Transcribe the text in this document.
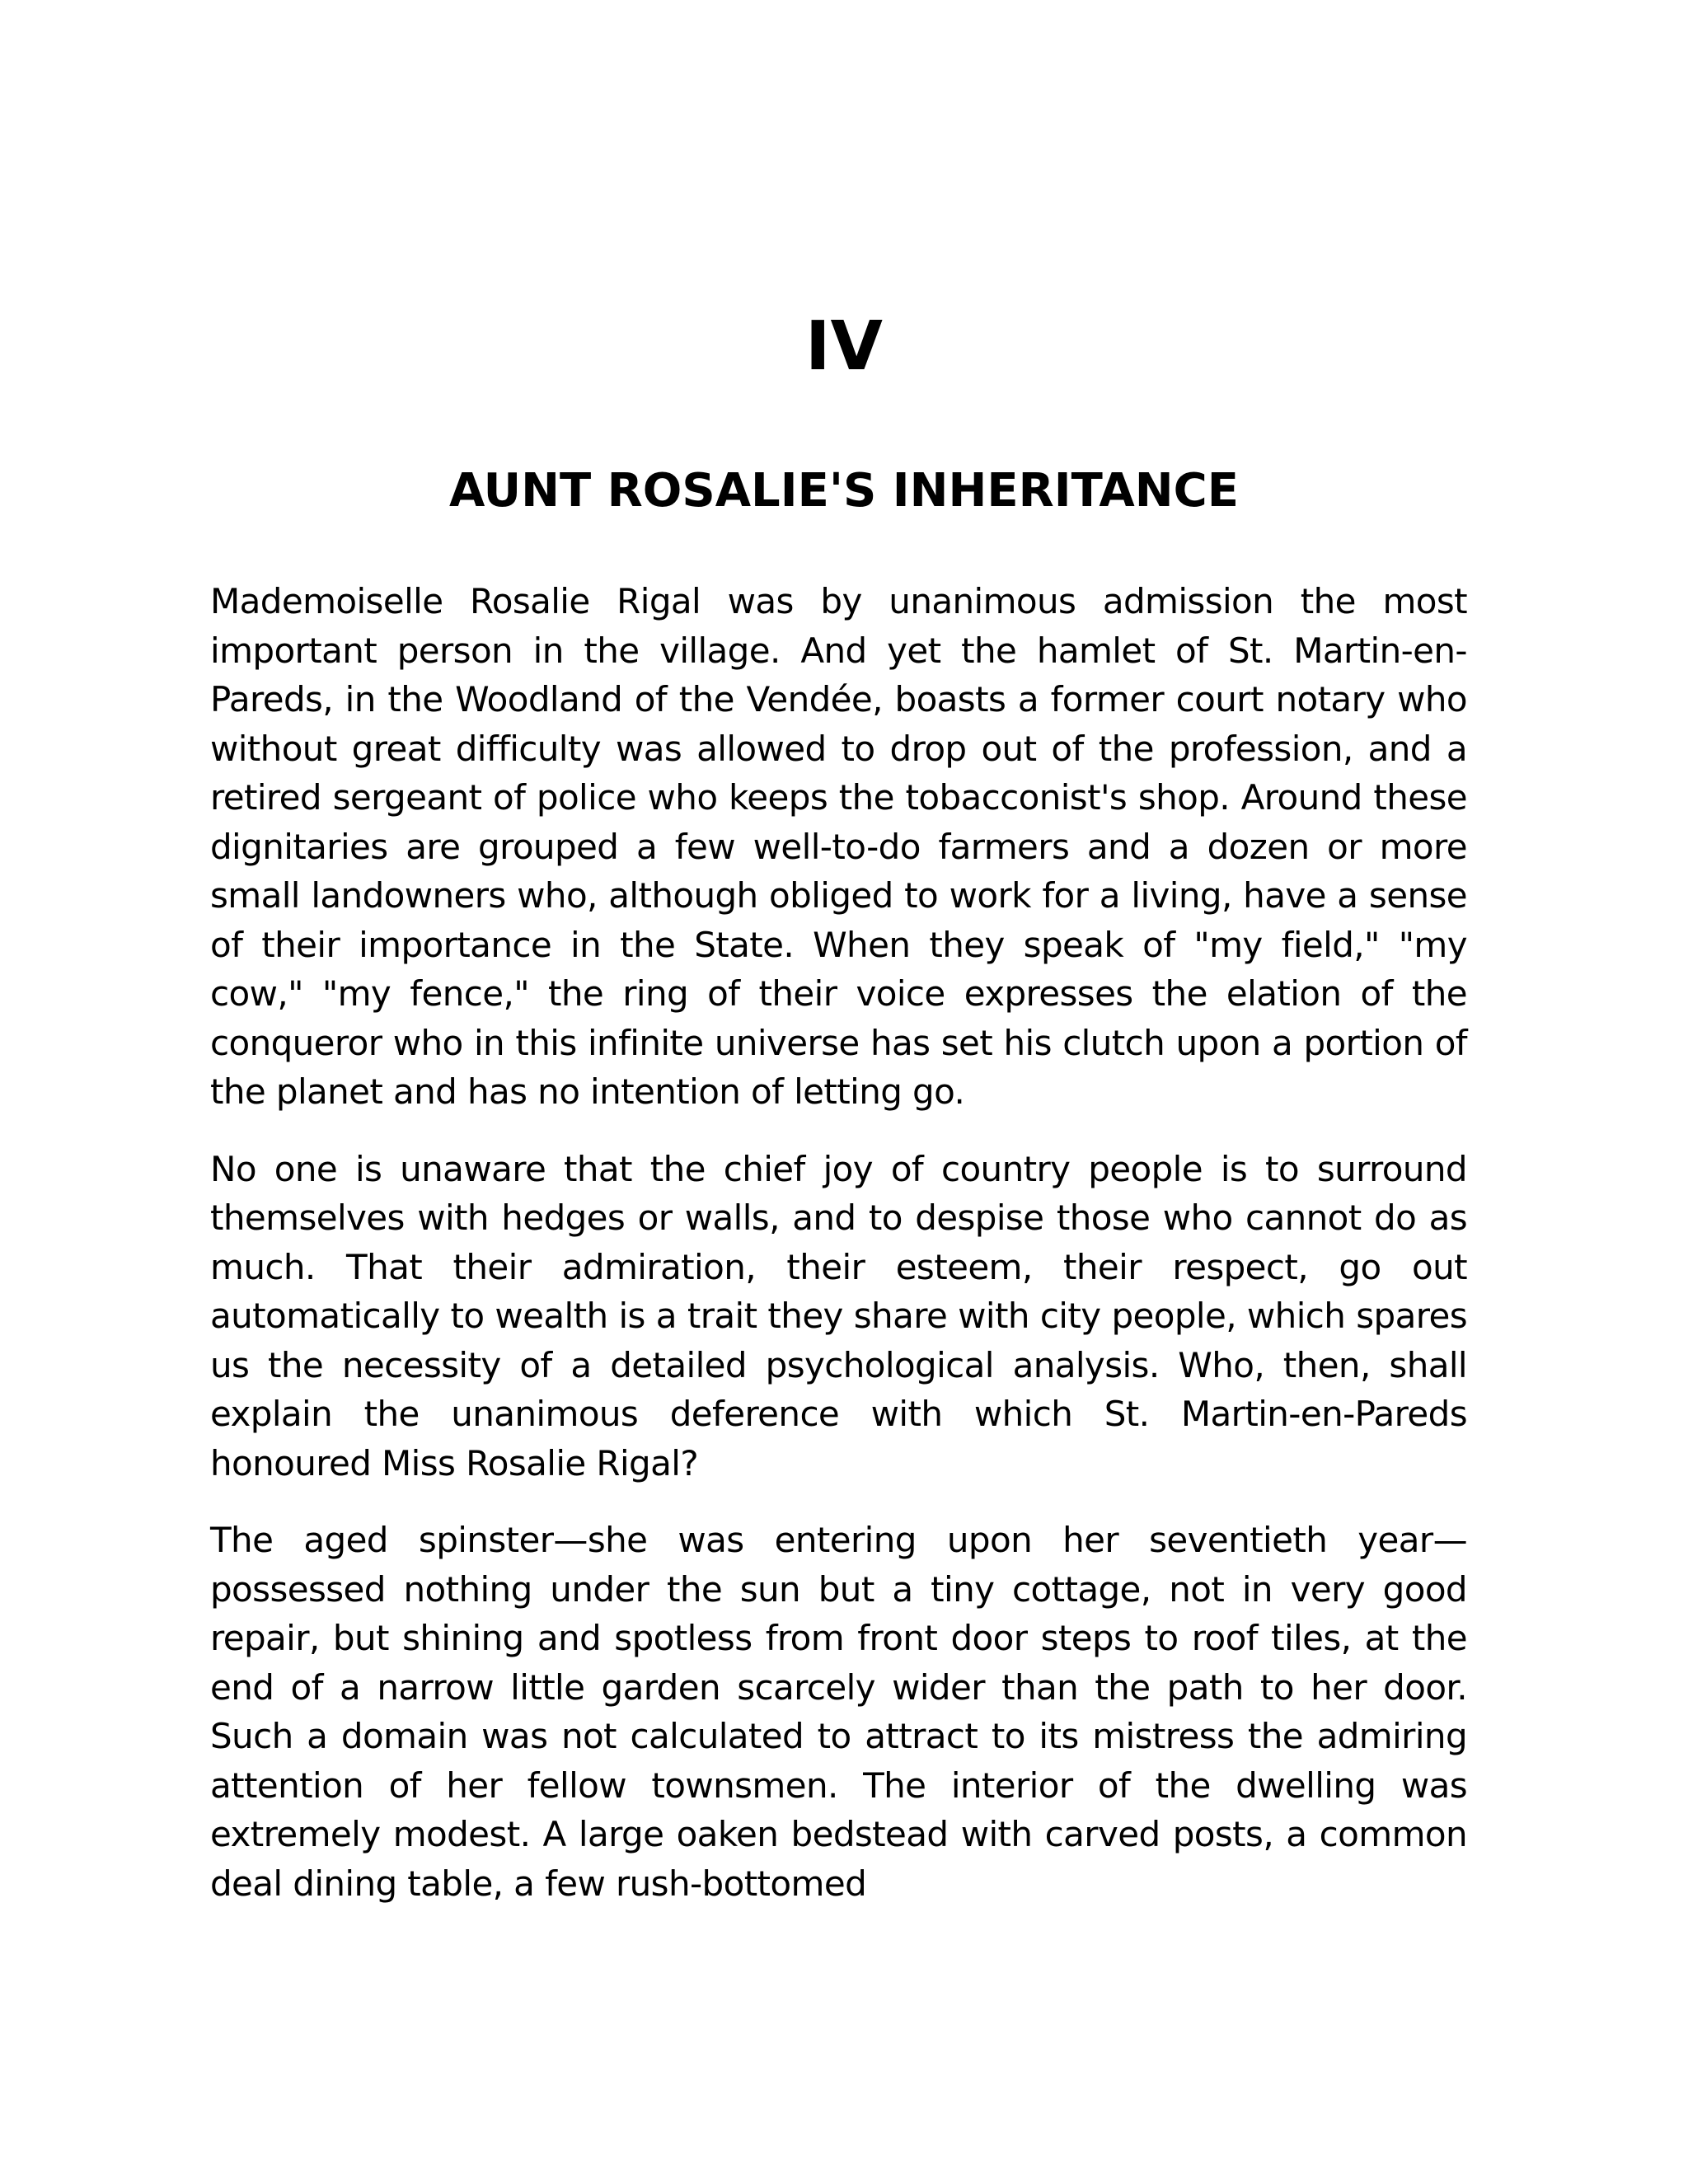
IV
AUNT ROSALIE'S INHERITANCE

Mademoiselle Rosalie Rigal was by unanimous admission the most important person in the village. And yet the hamlet of St. Martin-en-Pareds, in the Woodland of the Vendée, boasts a former court notary who without great difficulty was allowed to drop out of the profession, and a retired sergeant of police who keeps the tobacconist's shop. Around these dignitaries are grouped a few well-to-do farmers and a dozen or more small landowners who, although obliged to work for a living, have a sense of their importance in the State. When they speak of "my field," "my cow," "my fence," the ring of their voice expresses the elation of the conqueror who in this infinite universe has set his clutch upon a portion of the planet and has no intention of letting go.

No one is unaware that the chief joy of country people is to surround themselves with hedges or walls, and to despise those who cannot do as much. That their admiration, their esteem, their respect, go out automatically to wealth is a trait they share with city people, which spares us the necessity of a detailed psychological analysis. Who, then, shall explain the unanimous deference with which St. Martin-en-Pareds honoured Miss Rosalie Rigal?

The aged spinster—she was entering upon her seventieth year—possessed nothing under the sun but a tiny cottage, not in very good repair, but shining and spotless from front door steps to roof tiles, at the end of a narrow little garden scarcely wider than the path to her door. Such a domain was not calculated to attract to its mistress the admiring attention of her fellow townsmen. The interior of the dwelling was extremely modest. A large oaken bedstead with carved posts, a common deal dining table, a few rush-bottomed
